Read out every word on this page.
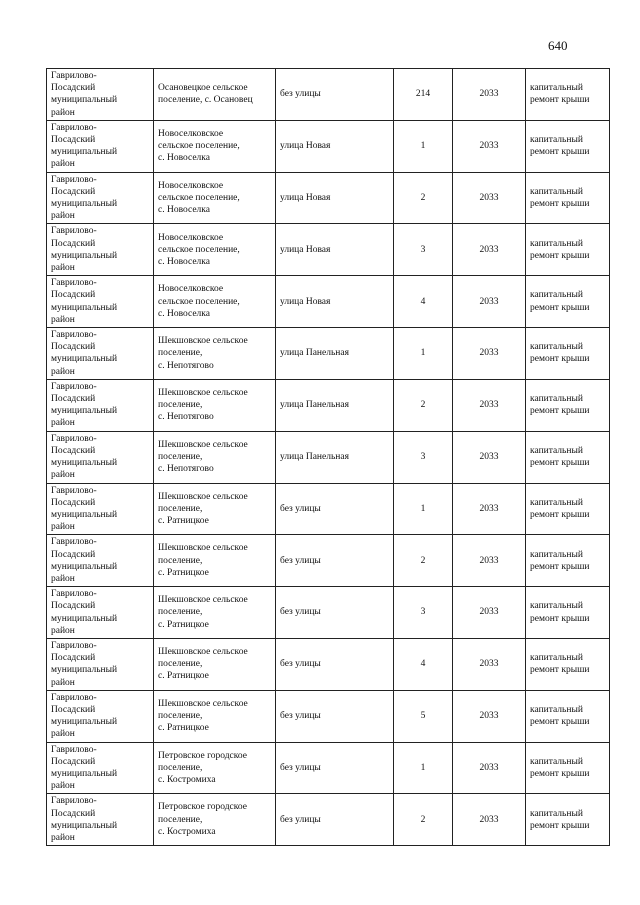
640
Гаврилово-
Посадский
муниципальный
район	Осановецкое сельское
поселение, с. Осановец	без улицы	214	2033	капитальный
ремонт крыши

Гаврилово-
Посадский
муниципальный
район	Новоселковское
сельское поселение,
с. Новоселка	улица Новая	1	2033	капитальный
ремонт крыши

Гаврилово-
Посадский
муниципальный
район	Новоселковское
сельское поселение,
с. Новоселка	улица Новая	2	2033	капитальный
ремонт крыши

Гаврилово-
Посадский
муниципальный
район	Новоселковское
сельское поселение,
с. Новоселка	улица Новая	3	2033	капитальный
ремонт крыши

Гаврилово-
Посадский
муниципальный
район	Новоселковское
сельское поселение,
с. Новоселка	улица Новая	4	2033	капитальный
ремонт крыши

Гаврилово-
Посадский
муниципальный
район	Шекшовское сельское
поселение,
с. Непотягово	улица Панельная	1	2033	капитальный
ремонт крыши

Гаврилово-
Посадский
муниципальный
район	Шекшовское сельское
поселение,
с. Непотягово	улица Панельная	2	2033	капитальный
ремонт крыши

Гаврилово-
Посадский
муниципальный
район	Шекшовское сельское
поселение,
с. Непотягово	улица Панельная	3	2033	капитальный
ремонт крыши

Гаврилово-
Посадский
муниципальный
район	Шекшовское сельское
поселение,
с. Ратницкое	без улицы	1	2033	капитальный
ремонт крыши

Гаврилово-
Посадский
муниципальный
район	Шекшовское сельское
поселение,
с. Ратницкое	без улицы	2	2033	капитальный
ремонт крыши

Гаврилово-
Посадский
муниципальный
район	Шекшовское сельское
поселение,
с. Ратницкое	без улицы	3	2033	капитальный
ремонт крыши

Гаврилово-
Посадский
муниципальный
район	Шекшовское сельское
поселение,
с. Ратницкое	без улицы	4	2033	капитальный
ремонт крыши

Гаврилово-
Посадский
муниципальный
район	Шекшовское сельское
поселение,
с. Ратницкое	без улицы	5	2033	капитальный
ремонт крыши

Гаврилово-
Посадский
муниципальный
район	Петровское городское
поселение,
с. Костромиха	без улицы	1	2033	капитальный
ремонт крыши

Гаврилово-
Посадский
муниципальный
район	Петровское городское
поселение,
с. Костромиха	без улицы	2	2033	капитальный
ремонт крыши
